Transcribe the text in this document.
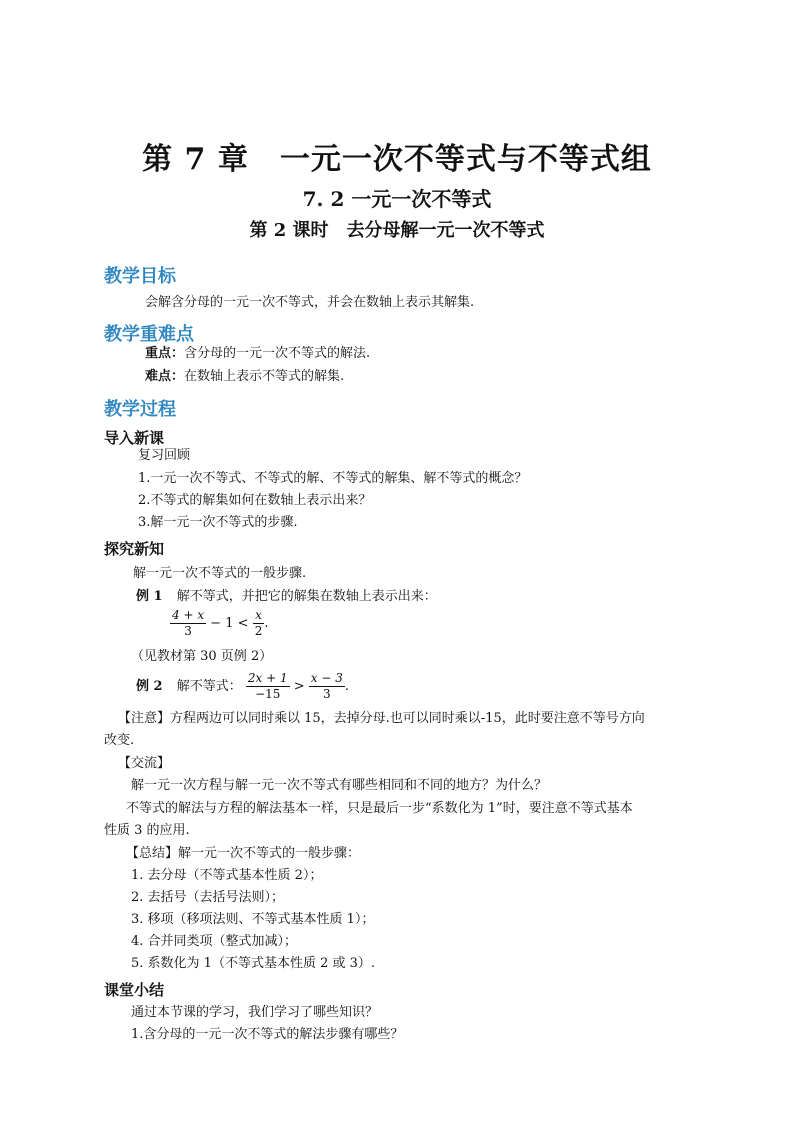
第 7 章　一元一次不等式与不等式组
7. 2 一元一次不等式
第 2 课时　去分母解一元一次不等式
教学目标
会解含分母的一元一次不等式，并会在数轴上表示其解集.
教学重难点
重点：含分母的一元一次不等式的解法.
难点：在数轴上表示不等式的解集.
教学过程
导入新课
复习回顾
1.一元一次不等式、不等式的解、不等式的解集、解不等式的概念？
2.不等式的解集如何在数轴上表示出来？
3.解一元一次不等式的步骤.
探究新知
解一元一次不等式的一般步骤.
例 1 解不等式，并把它的解集在数轴上表示出来：
$\frac{4 + x}{3} - 1 < \frac{x}{2}$ .
（见教材第 30 页例 2）
例 2 解不等式： $\frac{2x + 1}{-15} > \frac{x - 3}{3}$ .
【注意】方程两边可以同时乘以 15，去掉分母.也可以同时乘以-15，此时要注意不等号方向
改变.
【交流】
解一元一次方程与解一元一次不等式有哪些相同和不同的地方？为什么？
不等式的解法与方程的解法基本一样，只是最后一步“系数化为 1”时，要注意不等式基本
性质 3 的应用.
【总结】解一元一次不等式的一般步骤：
1. 去分母（不等式基本性质 2）；
2. 去括号（去括号法则）；
3. 移项（移项法则、不等式基本性质 1）；
4. 合并同类项（整式加减）；
5. 系数化为 1（不等式基本性质 2 或 3）.
课堂小结
通过本节课的学习，我们学习了哪些知识？
1.含分母的一元一次不等式的解法步骤有哪些？
